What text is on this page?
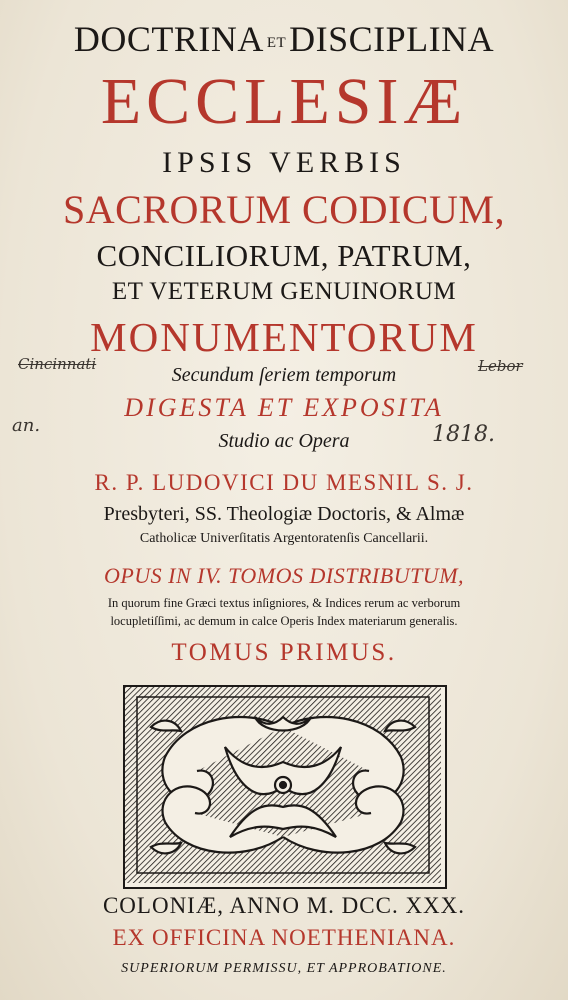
DOCTRINA ETDISCIPLINA
ECCLESIÆ
IPSIS VERBIS
SACRORUM CODICUM,
CONCILIORUM, PATRUM,
ET VETERUM GENUINORUM
MONUMENTORUM
Secundum ſeriem temporum
DIGESTA ET EXPOSITA
Studio ac Opera
R. P. LUDOVICI DU MESNIL S. J.
Presbyteri, SS. Theologiæ Doctoris, & Almæ
Catholicæ Univerſitatis Argentoratenſis Cancellarii.
OPUS IN IV. TOMOS DISTRIBUTUM,
In quorum fine Græci textus inſigniores, & Indices rerum ac verborum
locupletiſſimi, ac demum in calce Operis Index materiarum generalis.
TOMUS PRIMUS.
Cincinnati
an.
Lebor
1818.
COLONIÆ, ANNO M. DCC. XXX.
EX OFFICINA NOETHENIANA.
SUPERIORUM PERMISSU, ET APPROBATIONE.
